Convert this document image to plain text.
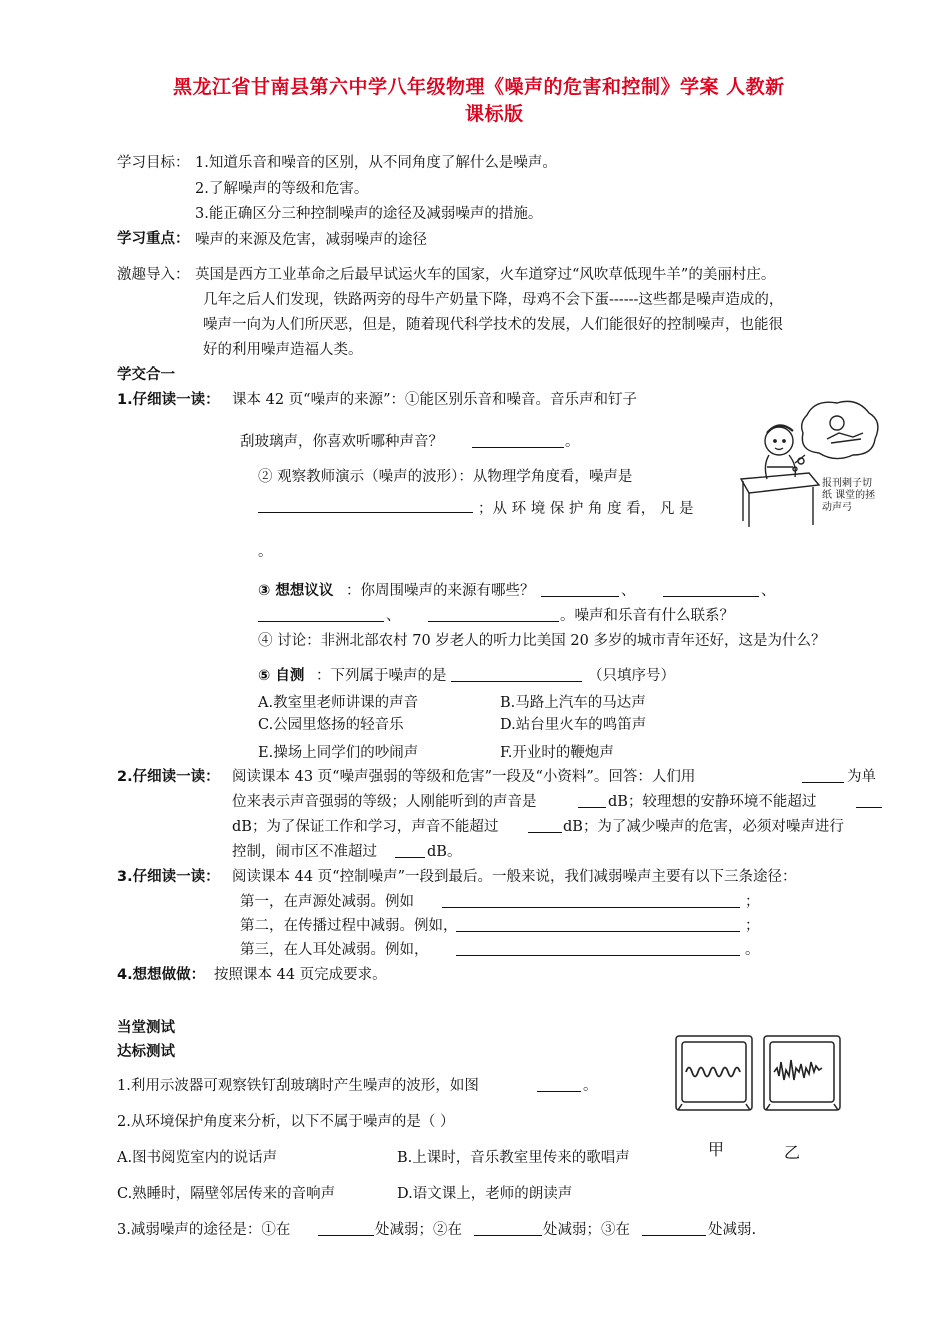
黑龙江省甘南县第六中学八年级物理《噪声的危害和控制》学案 人教新
课标版
学习目标： 1.知道乐音和噪音的区别，从不同角度了解什么是噪声。
2.了解噪声的等级和危害。
3.能正确区分三种控制噪声的途径及减弱噪声的措施。
学习重点： 噪声的来源及危害，减弱噪声的途径
激趣导入： 英国是西方工业革命之后最早试运火车的国家，火车道穿过“风吹草低现牛羊”的美丽村庄。
几年之后人们发现，铁路两旁的母牛产奶量下降，母鸡不会下蛋------这些都是噪声造成的，
噪声一向为人们所厌恶，但是，随着现代科学技术的发展，人们能很好的控制噪声，也能很
好的利用噪声造福人类。
学交合一
1.仔细读一读： 课本 42 页“噪声的来源”：①能区别乐音和噪音。音乐声和钉子
刮玻璃声，你喜欢听哪种声音？	。
② 观察教师演示（噪声的波形）：从物理学角度看，噪声是
；从 环 境 保 护 角 度 看， 凡 是
。
③ 想想议议 ：你周围噪声的来源有哪些？	、	、
、	。噪声和乐音有什么联系？
④ 讨论：非洲北部农村 70 岁老人的听力比美国 20 多岁的城市青年还好，这是为什么？
⑤ 自测 ：下列属于噪声的是	（只填序号）
A.教室里老师讲课的声音	B.马路上汽车的马达声
C.公园里悠扬的轻音乐	D.站台里火车的鸣笛声
E.操场上同学们的吵闹声	F.开业时的鞭炮声
报刊剌子切 纸 课堂的拯 动声弓
2.仔细读一读： 阅读课本 43 页“噪声强弱的等级和危害”一段及“小资料”。回答：人们用	为单
位来表示声音强弱的等级；人刚能听到的声音是	dB；较理想的安静环境不能超过
dB；为了保证工作和学习，声音不能超过	dB；为了减少噪声的危害，必须对噪声进行
控制，闹市区不准超过	dB。
3.仔细读一读： 阅读课本 44 页“控制噪声”一段到最后。一般来说，我们减弱噪声主要有以下三条途径：
第一，在声源处减弱。例如	；
第二，在传播过程中减弱。例如，	；
第三，在人耳处减弱。例如，	。
4.想想做做： 按照课本 44 页完成要求。
当堂测试
达标测试
1.利用示波器可观察铁钉刮玻璃时产生噪声的波形，如图	。
2.从环境保护角度来分析，以下不属于噪声的是（ ）
A.图书阅览室内的说话声	B.上课时，音乐教室里传来的歌唱声
C.熟睡时，隔壁邻居传来的音响声	D.语文课上，老师的朗读声
3.减弱噪声的途径是：①在	处减弱；②在	处减弱；③在	处减弱.
甲	乙
